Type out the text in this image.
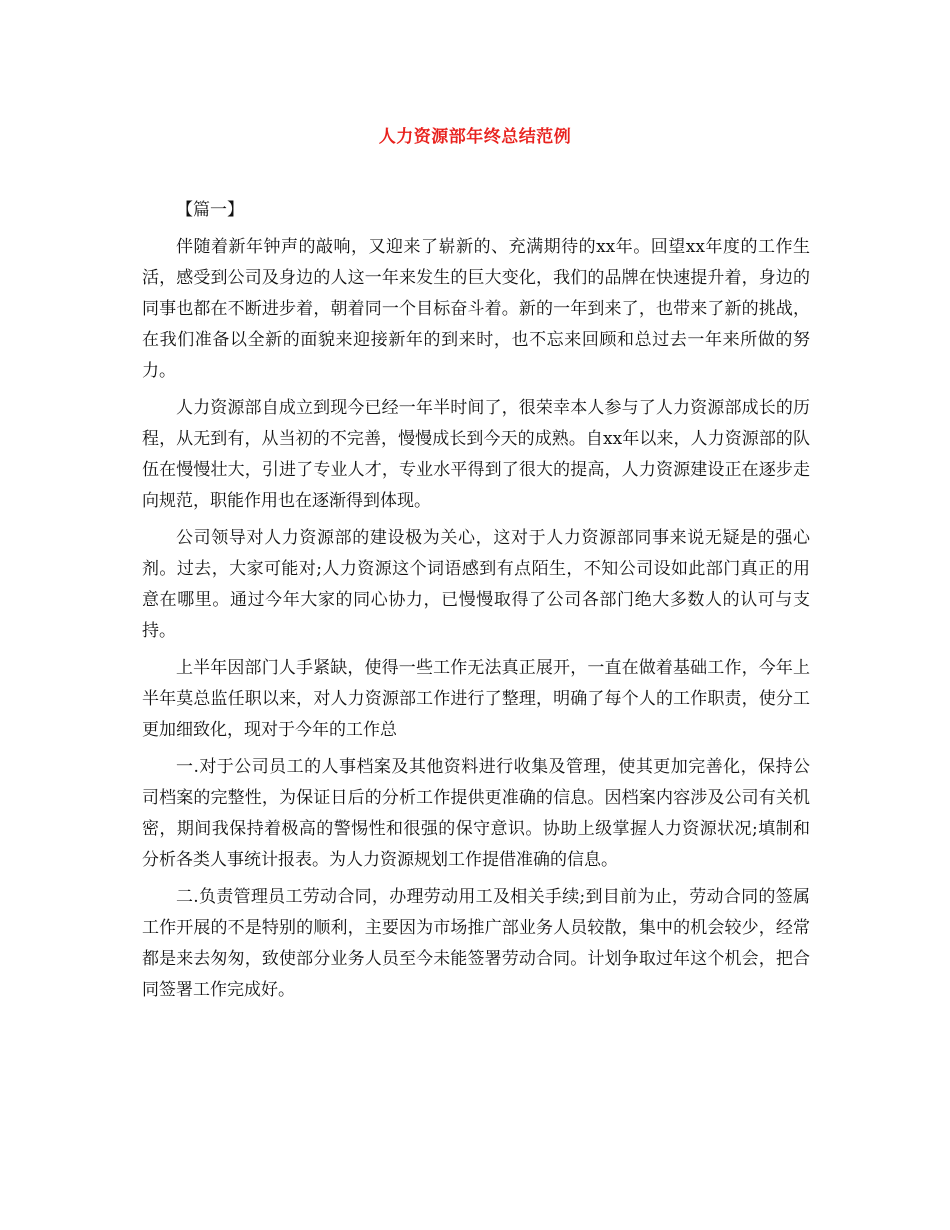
人力资源部年终总结范例
【篇一】

伴随着新年钟声的敲响，又迎来了崭新的、充满期待的xx年。回望xx年度的工作生活，感受到公司及身边的人这一年来发生的巨大变化，我们的品牌在快速提升着，身边的同事也都在不断进步着，朝着同一个目标奋斗着。新的一年到来了，也带来了新的挑战，在我们准备以全新的面貌来迎接新年的到来时，也不忘来回顾和总过去一年来所做的努力。

人力资源部自成立到现今已经一年半时间了，很荣幸本人参与了人力资源部成长的历程，从无到有，从当初的不完善，慢慢成长到今天的成熟。自xx年以来，人力资源部的队伍在慢慢壮大，引进了专业人才，专业水平得到了很大的提高，人力资源建设正在逐步走向规范，职能作用也在逐渐得到体现。

公司领导对人力资源部的建设极为关心，这对于人力资源部同事来说无疑是的强心剂。过去，大家可能对;人力资源这个词语感到有点陌生，不知公司设如此部门真正的用意在哪里。通过今年大家的同心协力，已慢慢取得了公司各部门绝大多数人的认可与支持。

上半年因部门人手紧缺，使得一些工作无法真正展开，一直在做着基础工作，今年上半年莫总监任职以来，对人力资源部工作进行了整理，明确了每个人的工作职责，使分工更加细致化，现对于今年的工作总

一.对于公司员工的人事档案及其他资料进行收集及管理，使其更加完善化，保持公司档案的完整性，为保证日后的分析工作提供更准确的信息。因档案内容涉及公司有关机密，期间我保持着极高的警惕性和很强的保守意识。协助上级掌握人力资源状况;填制和分析各类人事统计报表。为人力资源规划工作提借准确的信息。

二.负责管理员工劳动合同，办理劳动用工及相关手续;到目前为止，劳动合同的签属工作开展的不是特别的顺利，主要因为市场推广部业务人员较散，集中的机会较少，经常都是来去匆匆，致使部分业务人员至今未能签署劳动合同。计划争取过年这个机会，把合同签署工作完成好。
